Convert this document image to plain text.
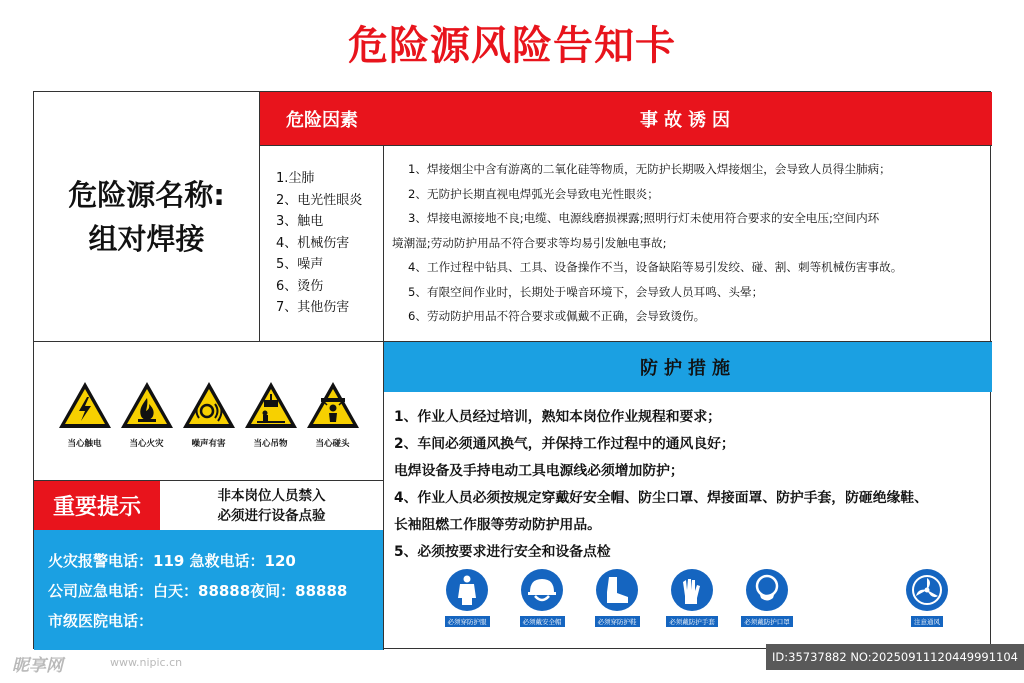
危险源风险告知卡
危险源名称:
组对焊接
危险因素
1.尘肺
2、电光性眼炎
3、触电
4、机械伤害
5、噪声
6、烫伤
7、其他伤害
事故诱因
1、焊接烟尘中含有游离的二氧化硅等物质，无防护长期吸入焊接烟尘，会导致人员得尘肺病；
2、无防护长期直视电焊弧光会导致电光性眼炎；
3、焊接电源接地不良;电缆、电源线磨损裸露;照明行灯未使用符合要求的安全电压;空间内环
境潮湿;劳动防护用品不符合要求等均易引发触电事故;
4、工作过程中钻具、工具、设备操作不当，设备缺陷等易引发绞、碰、割、刺等机械伤害事故。
5、有限空间作业时，长期处于噪音环境下，会导致人员耳鸣、头晕；
6、劳动防护用品不符合要求或佩戴不正确，会导致烫伤。
当心触电	当心火灾	噪声有害	当心吊物	当心碰头
重要提示	非本岗位人员禁入
必须进行设备点验
火灾报警电话：119 急救电话：120
公司应急电话：白天：88888夜间：88888
市级医院电话：
防护措施
1、作业人员经过培训，熟知本岗位作业规程和要求；
2、车间必须通风换气，并保持工作过程中的通风良好；
电焊设备及手持电动工具电源线必须增加防护；
4、作业人员必须按规定穿戴好安全帽、防尘口罩、焊接面罩、防护手套，防砸绝缘鞋、
长袖阻燃工作服等劳动防护用品。
5、必须按要求进行安全和设备点检
必须穿防护服	必须戴安全帽	必须穿防护鞋	必须戴防护手套	必须戴防护口罩	注意通风
昵享网	www.nipic.cn	ID:35737882 NO:20250911120449991104
